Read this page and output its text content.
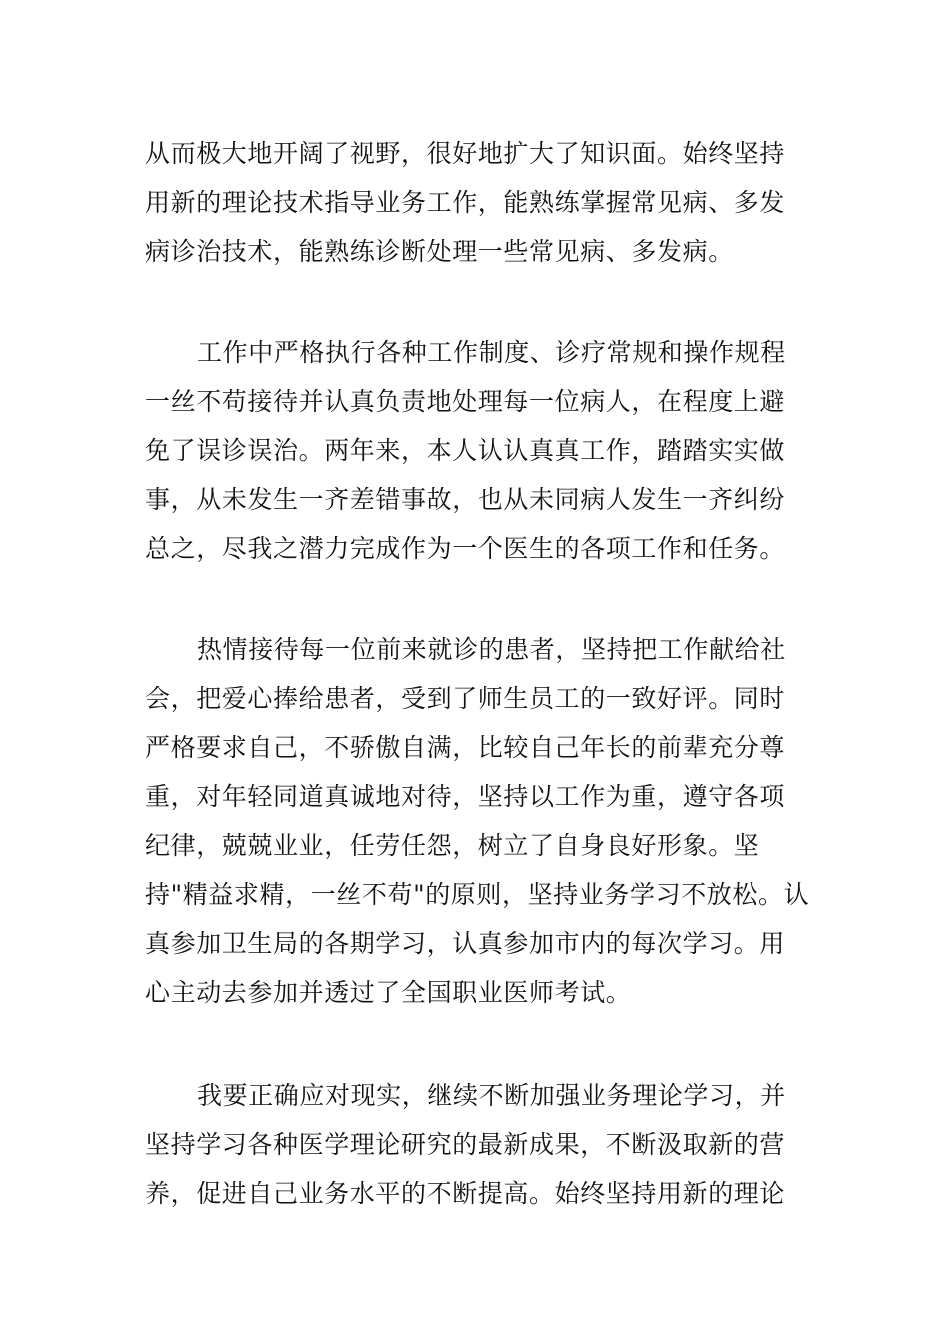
从而极大地开阔了视野，很好地扩大了知识面。始终坚持
用新的理论技术指导业务工作，能熟练掌握常见病、多发
病诊治技术，能熟练诊断处理一些常见病、多发病。

工作中严格执行各种工作制度、诊疗常规和操作规程
一丝不苟接待并认真负责地处理每一位病人，在程度上避
免了误诊误治。两年来，本人认认真真工作，踏踏实实做
事，从未发生一齐差错事故，也从未同病人发生一齐纠纷
总之，尽我之潜力完成作为一个医生的各项工作和任务。

热情接待每一位前来就诊的患者，坚持把工作献给社
会，把爱心捧给患者，受到了师生员工的一致好评。同时
严格要求自己，不骄傲自满，比较自己年长的前辈充分尊
重，对年轻同道真诚地对待，坚持以工作为重，遵守各项
纪律，兢兢业业，任劳任怨，树立了自身良好形象。坚
持"精益求精，一丝不苟"的原则，坚持业务学习不放松。认
真参加卫生局的各期学习，认真参加市内的每次学习。用
心主动去参加并透过了全国职业医师考试。

我要正确应对现实，继续不断加强业务理论学习，并
坚持学习各种医学理论研究的最新成果，不断汲取新的营
养，促进自己业务水平的不断提高。始终坚持用新的理论
